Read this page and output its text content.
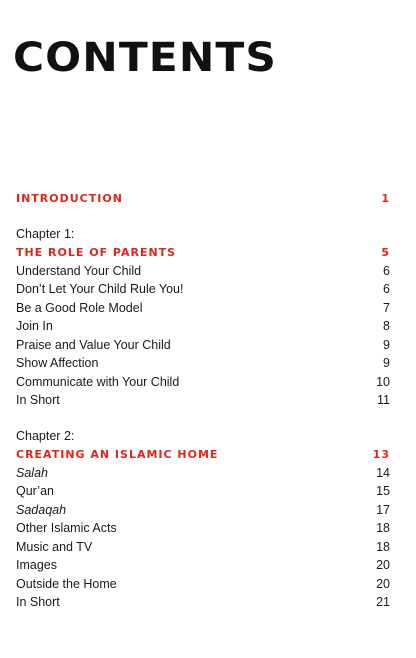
CONTENTS
INTRODUCTION	1
Chapter 1:
THE ROLE OF PARENTS	5
Understand Your Child	6
Don’t Let Your Child Rule You!	6
Be a Good Role Model	7
Join In	8
Praise and Value Your Child	9
Show Affection	9
Communicate with Your Child	10
In Short	11
Chapter 2:
CREATING AN ISLAMIC HOME	13
Salah	14
Qur’an	15
Sadaqah	17
Other Islamic Acts	18
Music and TV	18
Images	20
Outside the Home	20
In Short	21
